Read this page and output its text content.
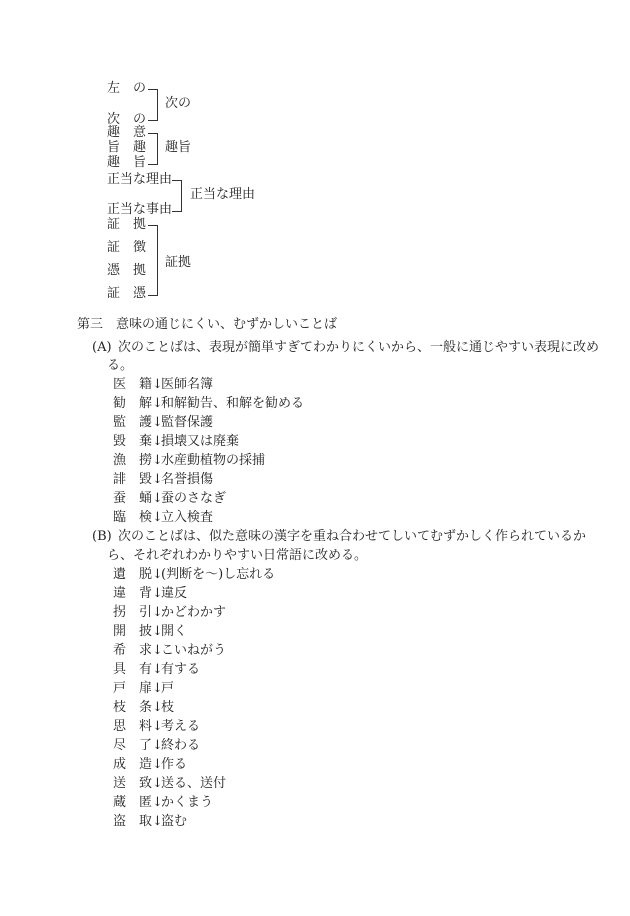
左　の
次　の
次の
趣　意
旨　趣
趣　旨
趣旨
正当な理由
正当な事由
正当な理由
証　拠
証　徴
憑　拠
証　憑
証拠
第三　意味の通じにくい、むずかしいことば
(A) 次のことばは、表現が簡単すぎてわかりにくいから、一般に通じやすい表現に改め
る。
医　籍↓医師名簿
勧　解↓和解勧告、和解を勧める
監　護↓監督保護
毀　棄↓損壊又は廃棄
漁　撈↓水産動植物の採捕
誹　毀↓名誉損傷
蚕　蛹↓蚕のさなぎ
臨　検↓立入検査
(B) 次のことばは、似た意味の漢字を重ね合わせてしいてむずかしく作られているか
ら、それぞれわかりやすい日常語に改める。
遺　脱↓(判断を～)し忘れる
違　背↓違反
拐　引↓かどわかす
開　披↓開く
希　求↓こいねがう
具　有↓有する
戸　扉↓戸
枝　条↓枝
思　料↓考える
尽　了↓終わる
成　造↓作る
送　致↓送る、送付
蔵　匿↓かくまう
盗　取↓盗む
